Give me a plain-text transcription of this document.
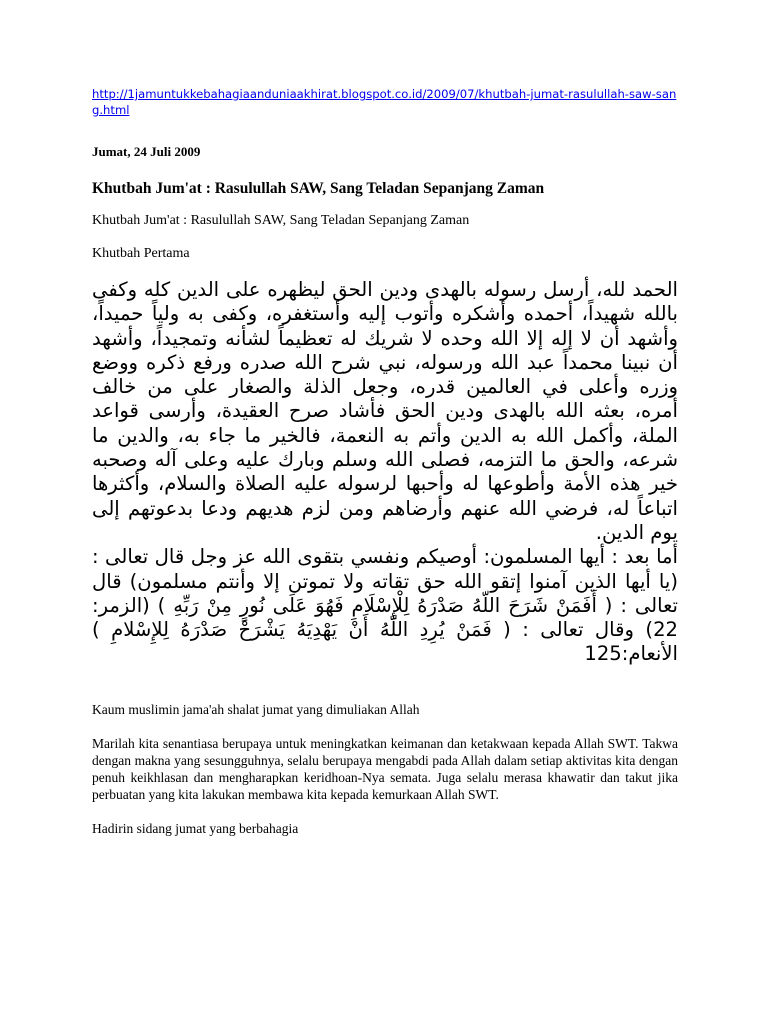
http://1jamuntukkebahagiaanduniaakhirat.blogspot.co.id/2009/07/khutbah-jumat-rasulullah-saw-sang.html

Jumat, 24 Juli 2009

Khutbah Jum'at : Rasulullah SAW, Sang Teladan Sepanjang Zaman

Khutbah Jum'at : Rasulullah SAW, Sang Teladan Sepanjang Zaman

Khutbah Pertama

الحمد لله، أرسل رسوله بالهدى ودين الحق ليظهره على الدين كله وكفى بالله شهيداً، أحمده وأشكره وأتوب إليه وأستغفره، وكفى به ولياً حميداً، وأشهد أن لا إله إلا الله وحده لا شريك له تعظيماً لشأنه وتمجيداً، وأشهد أن نبينا محمداً عبد الله ورسوله، نبي شرح الله صدره ورفع ذكره ووضع وزره وأعلى في العالمين قدره، وجعل الذلة والصغار على من خالف أمره، بعثه الله بالهدى ودين الحق فأشاد صرح العقيدة، وأرسى قواعد الملة، وأكمل الله به الدين وأتم به النعمة، فالخير ما جاء به، والدين ما شرعه، والحق ما التزمه، فصلى الله وسلم وبارك عليه وعلى آله وصحبه خير هذه الأمة وأطوعها له وأحبها لرسوله عليه الصلاة والسلام، وأكثرها اتباعاً له، فرضي الله عنهم وأرضاهم ومن لزم هديهم ودعا بدعوتهم إلى يوم الدين.
أما بعد : أيها المسلمون: أوصيكم ونفسي بتقوى الله عز وجل قال تعالى : (يا أيها الذين آمنوا إتقو الله حق تقاته ولا تموتن إلا وأنتم مسلمون) قال تعالى : ( أَفَمَنْ شَرَحَ اللّهُ صَدْرَهُ لِلْإِسْلَامِ فَهُوَ عَلَى نُورٍ مِنْ رَبِّهِ ) (الزمر: 22) وقال تعالى : ( فَمَنْ يُرِدِ اللّهُ أَنْ يَهْدِيَهُ يَشْرَحْ صَدْرَهُ لِلإِسْلامِ ) الأنعام:125

Kaum muslimin jama'ah shalat jumat yang dimuliakan Allah

Marilah kita senantiasa berupaya untuk meningkatkan keimanan dan ketakwaan kepada Allah SWT. Takwa dengan makna yang sesungguhnya, selalu berupaya mengabdi pada Allah dalam setiap aktivitas kita dengan penuh keikhlasan dan mengharapkan keridhoan-Nya semata. Juga selalu merasa khawatir dan takut jika perbuatan yang kita lakukan membawa kita kepada kemurkaan Allah SWT.

Hadirin sidang jumat yang berbahagia
